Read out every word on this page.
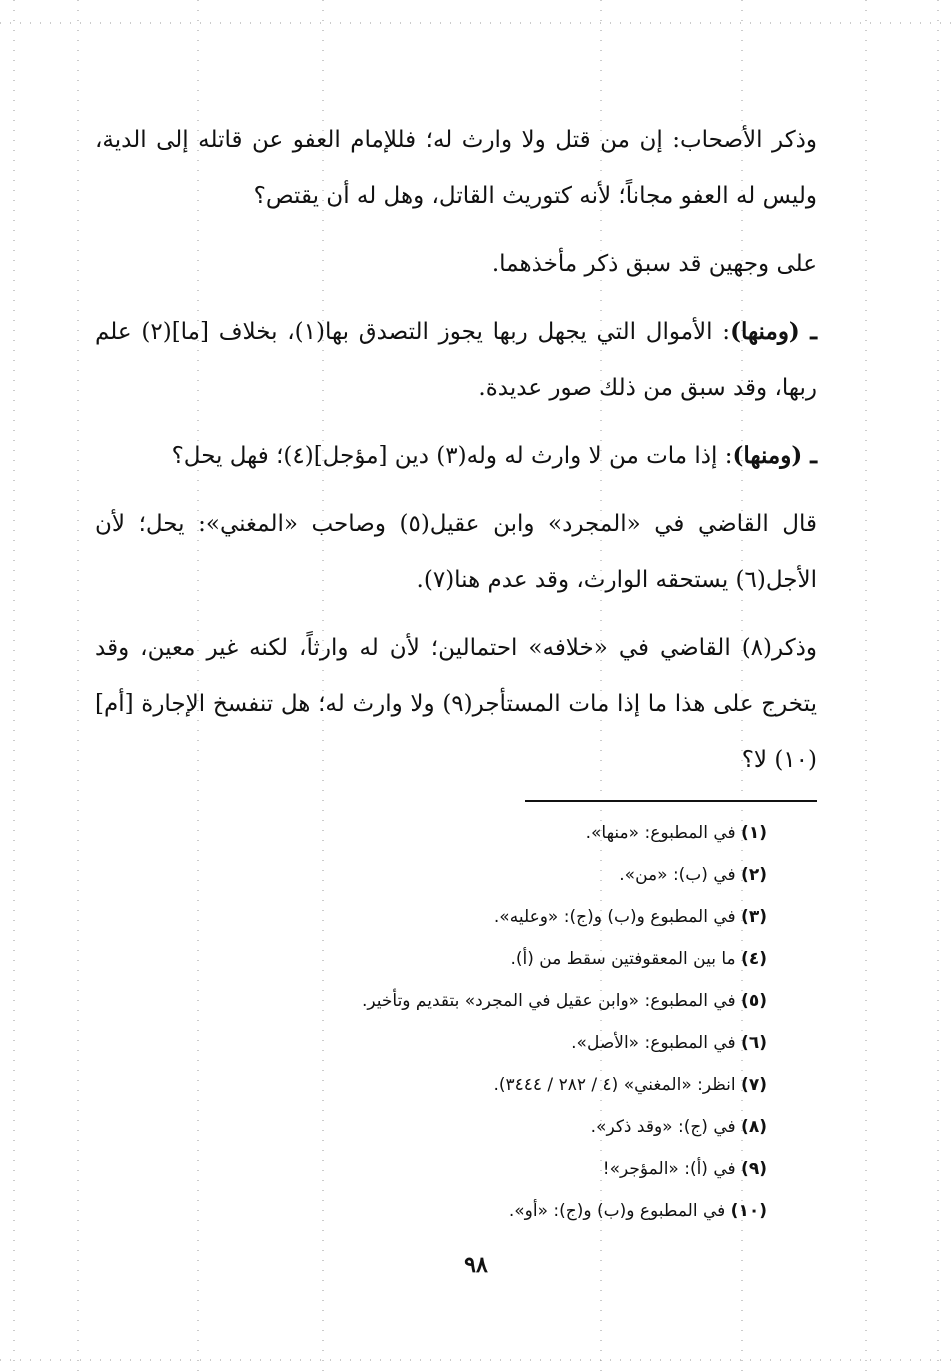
وذكر الأصحاب: إن من قتل ولا وارث له؛ فللإمام العفو عن قاتله إلى الدية، وليس له العفو مجاناً؛ لأنه كتوريث القاتل، وهل له أن يقتص؟

على وجهين قد سبق ذكر مأخذهما.

ـ (ومنها): الأموال التي يجهل ربها يجوز التصدق بها(١)، بخلاف [ما](٢) علم ربها، وقد سبق من ذلك صور عديدة.

ـ (ومنها): إذا مات من لا وارث له وله(٣) دين [مؤجل](٤)؛ فهل يحل؟

قال القاضي في «المجرد» وابن عقيل(٥) وصاحب «المغني»: يحل؛ لأن الأجل(٦) يستحقه الوارث، وقد عدم هنا(٧).

وذكر(٨) القاضي في «خلافه» احتمالين؛ لأن له وارثاً، لكنه غير معين، وقد يتخرج على هذا ما إذا مات المستأجر(٩) ولا وارث له؛ هل تنفسخ الإجارة [أم](١٠) لا؟

(١) في المطبوع: «منها».
(٢) في (ب): «من».
(٣) في المطبوع و(ب) و(ج): «وعليه».
(٤) ما بين المعقوفتين سقط من (أ).
(٥) في المطبوع: «وابن عقيل في المجرد» بتقديم وتأخير.
(٦) في المطبوع: «الأصل».
(٧) انظر: «المغني» (٤ / ٢٨٢ / ٣٤٤٤).
(٨) في (ج): «وقد ذكر».
(٩) في (أ): «المؤجر»!
(١٠) في المطبوع و(ب) و(ج): «أو».
٩٨
